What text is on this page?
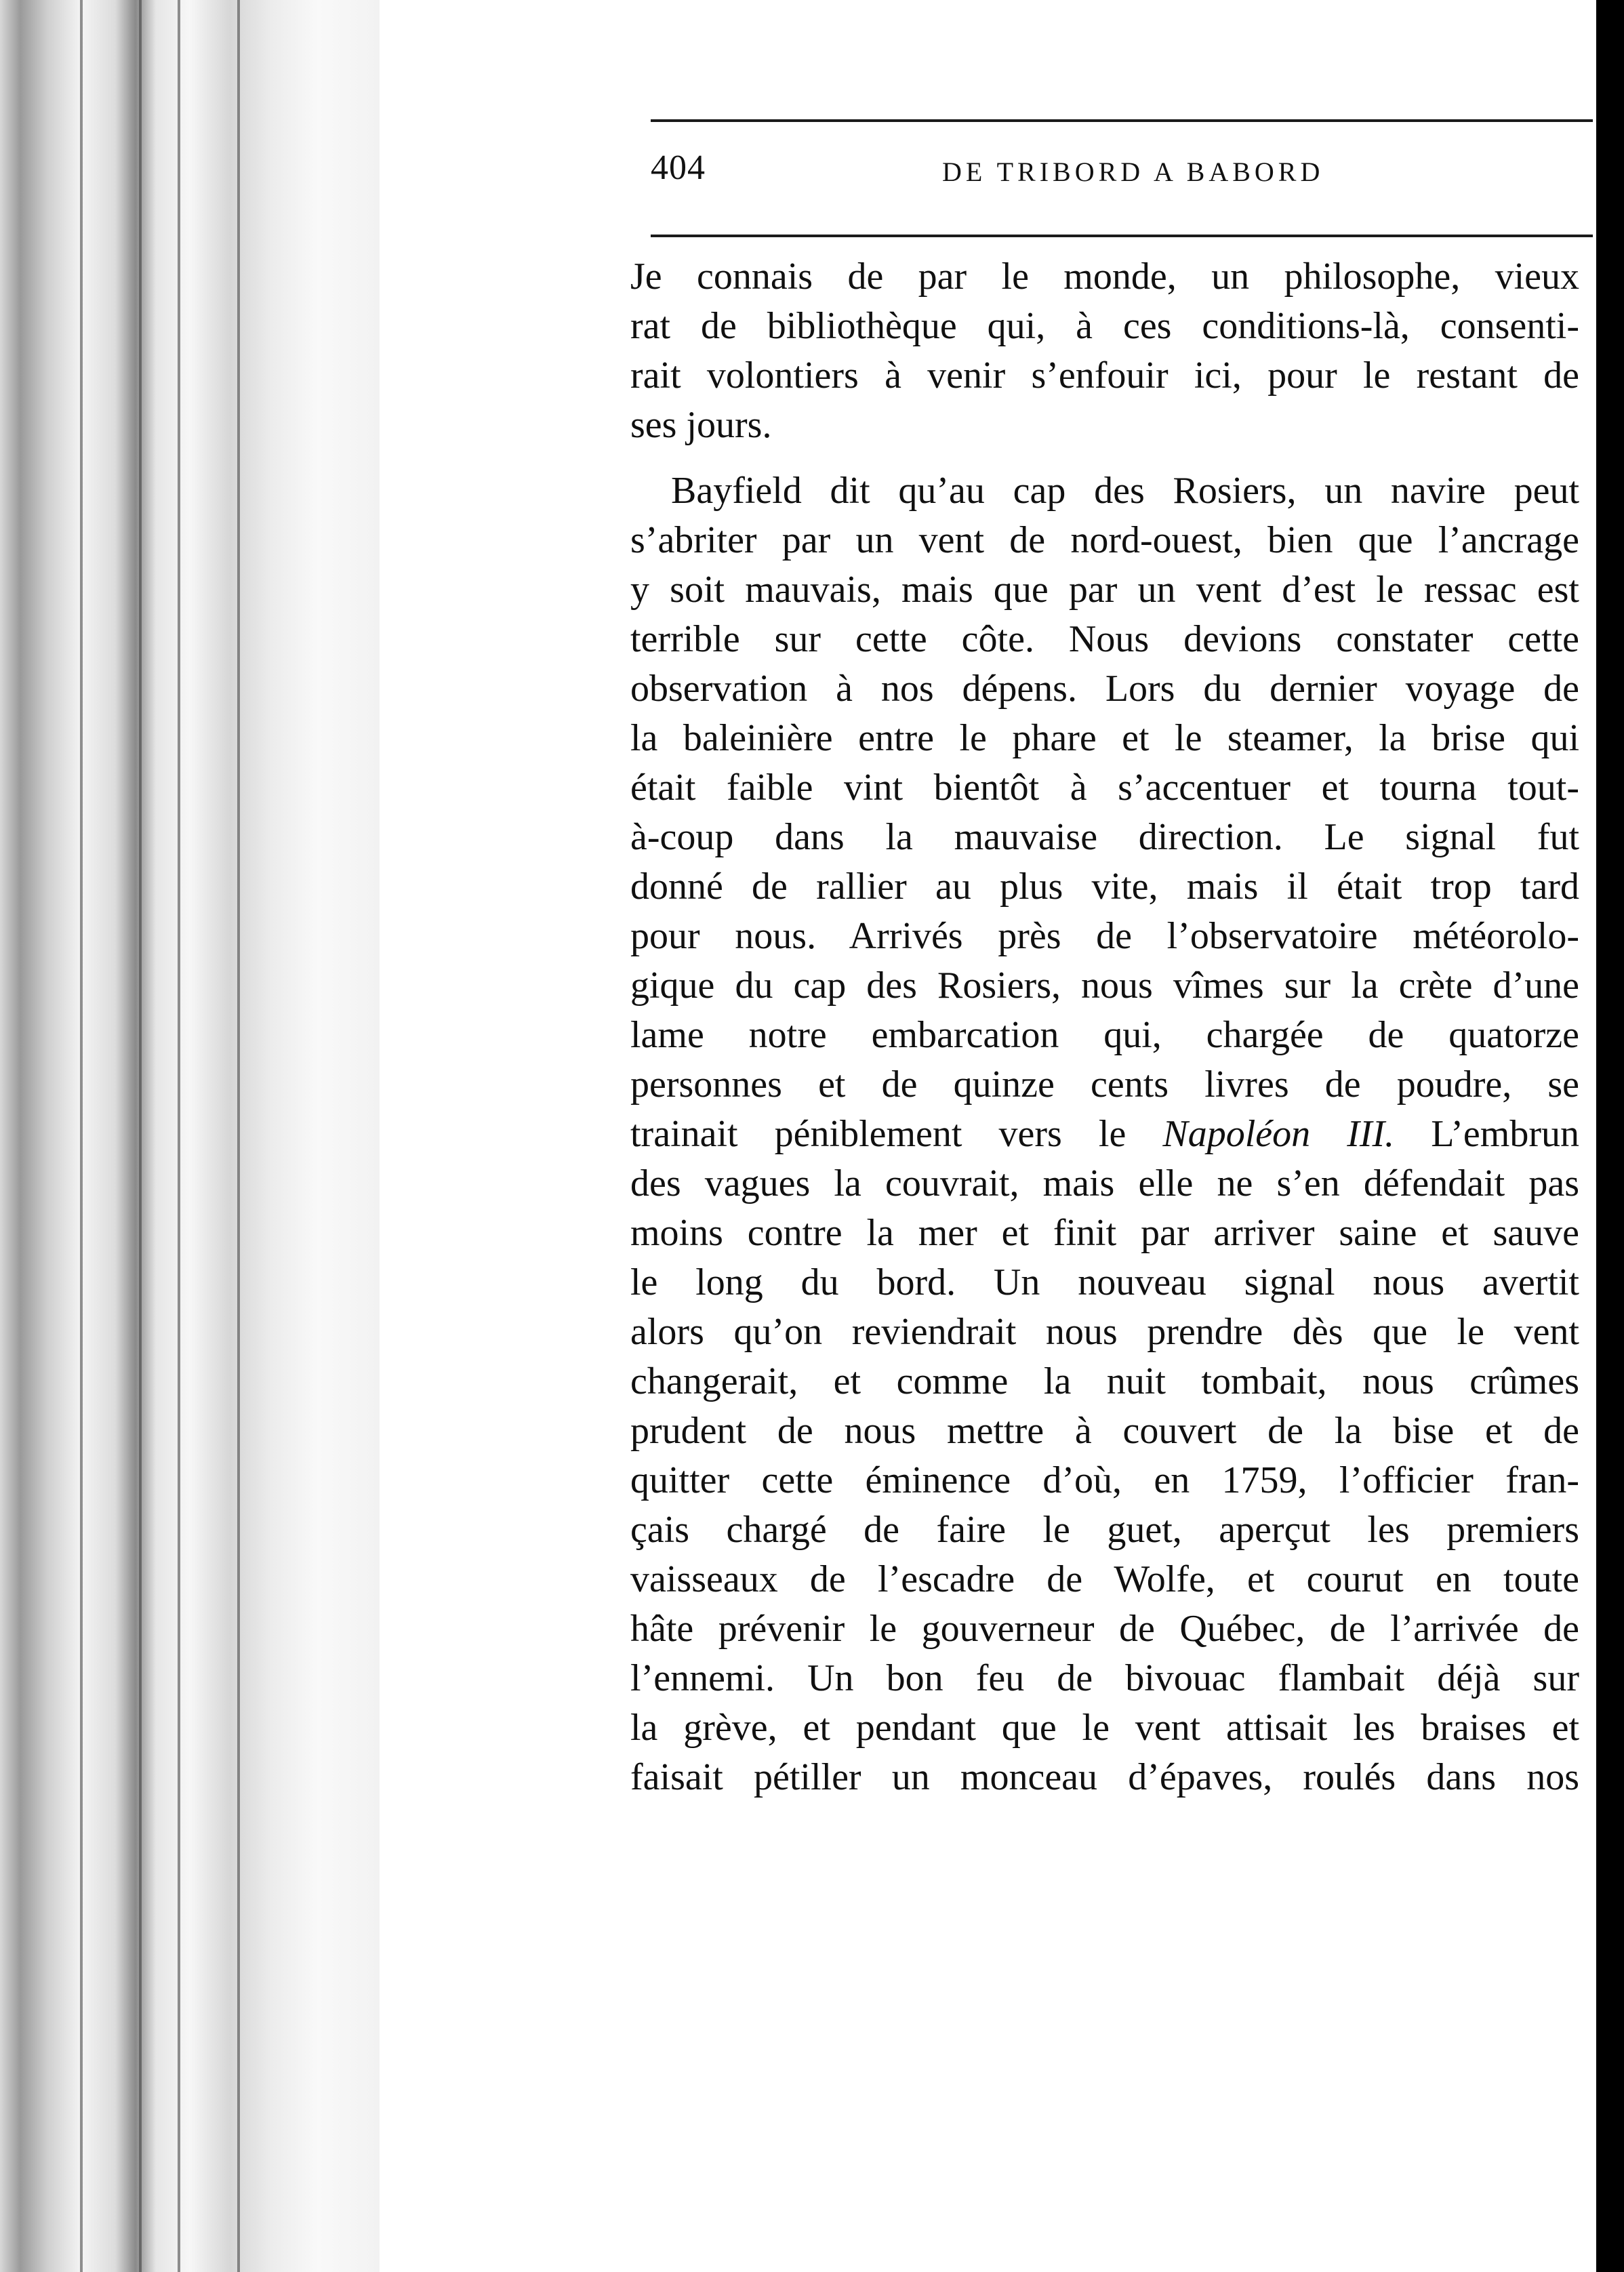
404	DE TRIBORD A BABORD
Je connais de par le monde, un philosophe, vieux
rat de bibliothèque qui, à ces conditions-là, consenti-
rait volontiers à venir s’enfouir ici, pour le restant de
ses jours.
Bayfield dit qu’au cap des Rosiers, un navire peut
s’abriter par un vent de nord-ouest, bien que l’ancrage
y soit mauvais, mais que par un vent d’est le ressac est
terrible sur cette côte. Nous devions constater cette
observation à nos dépens. Lors du dernier voyage de
la baleinière entre le phare et le steamer, la brise qui
était faible vint bientôt à s’accentuer et tourna tout-
à-coup dans la mauvaise direction. Le signal fut
donné de rallier au plus vite, mais il était trop tard
pour nous. Arrivés près de l’observatoire météorolo-
gique du cap des Rosiers, nous vîmes sur la crète d’une
lame notre embarcation qui, chargée de quatorze
personnes et de quinze cents livres de poudre, se
trainait péniblement vers le Napoléon III. L’embrun
des vagues la couvrait, mais elle ne s’en défendait pas
moins contre la mer et finit par arriver saine et sauve
le long du bord. Un nouveau signal nous avertit
alors qu’on reviendrait nous prendre dès que le vent
changerait, et comme la nuit tombait, nous crûmes
prudent de nous mettre à couvert de la bise et de
quitter cette éminence d’où, en 1759, l’officier fran-
çais chargé de faire le guet, aperçut les premiers
vaisseaux de l’escadre de Wolfe, et courut en toute
hâte prévenir le gouverneur de Québec, de l’arrivée de
l’ennemi. Un bon feu de bivouac flambait déjà sur
la grève, et pendant que le vent attisait les braises et
faisait pétiller un monceau d’épaves, roulés dans nos
